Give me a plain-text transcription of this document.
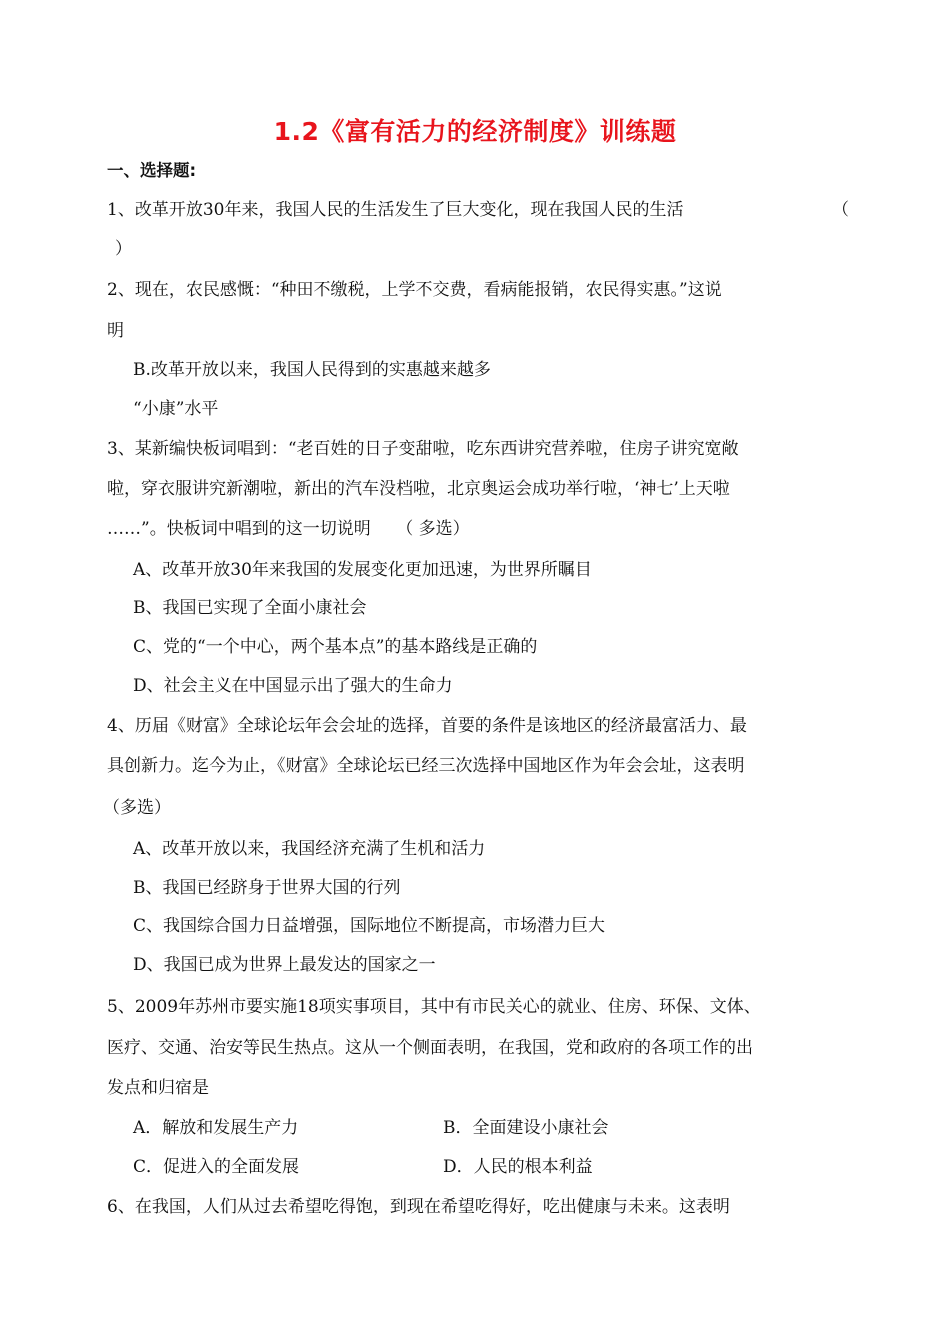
1.2《富有活力的经济制度》训练题
一、选择题:
1、改革开放30年来，我国人民的生活发生了巨大变化，现在我国人民的生活	（
）
2、现在，农民感慨：“种田不缴税，上学不交费，看病能报销，农民得实惠。”这说
明
B.改革开放以来，我国人民得到的实惠越来越多
“小康”水平
3、某新编快板词唱到：“老百姓的日子变甜啦，吃东西讲究营养啦，住房子讲究宽敞
啦，穿衣服讲究新潮啦，新出的汽车没档啦，北京奥运会成功举行啦，‘神七’上天啦
……”。快板词中唱到的这一切说明　　（ 多选）
A、改革开放30年来我国的发展变化更加迅速，为世界所瞩目
B、我国已实现了全面小康社会
C、党的“一个中心，两个基本点”的基本路线是正确的
D、社会主义在中国显示出了强大的生命力
4、历届《财富》全球论坛年会会址的选择，首要的条件是该地区的经济最富活力、最
具创新力。迄今为止，《财富》全球论坛已经三次选择中国地区作为年会会址，这表明
（多选）
A、改革开放以来，我国经济充满了生机和活力
B、我国已经跻身于世界大国的行列
C、我国综合国力日益增强，国际地位不断提高，市场潜力巨大
D、我国已成为世界上最发达的国家之一
5、2009年苏州市要实施18项实事项目，其中有市民关心的就业、住房、环保、文体、
医疗、交通、治安等民生热点。这从一个侧面表明，在我国，党和政府的各项工作的出
发点和归宿是
A．解放和发展生产力	B．全面建设小康社会
C．促进入的全面发展	D．人民的根本利益
6、在我国，人们从过去希望吃得饱，到现在希望吃得好，吃出健康与未来。这表明
